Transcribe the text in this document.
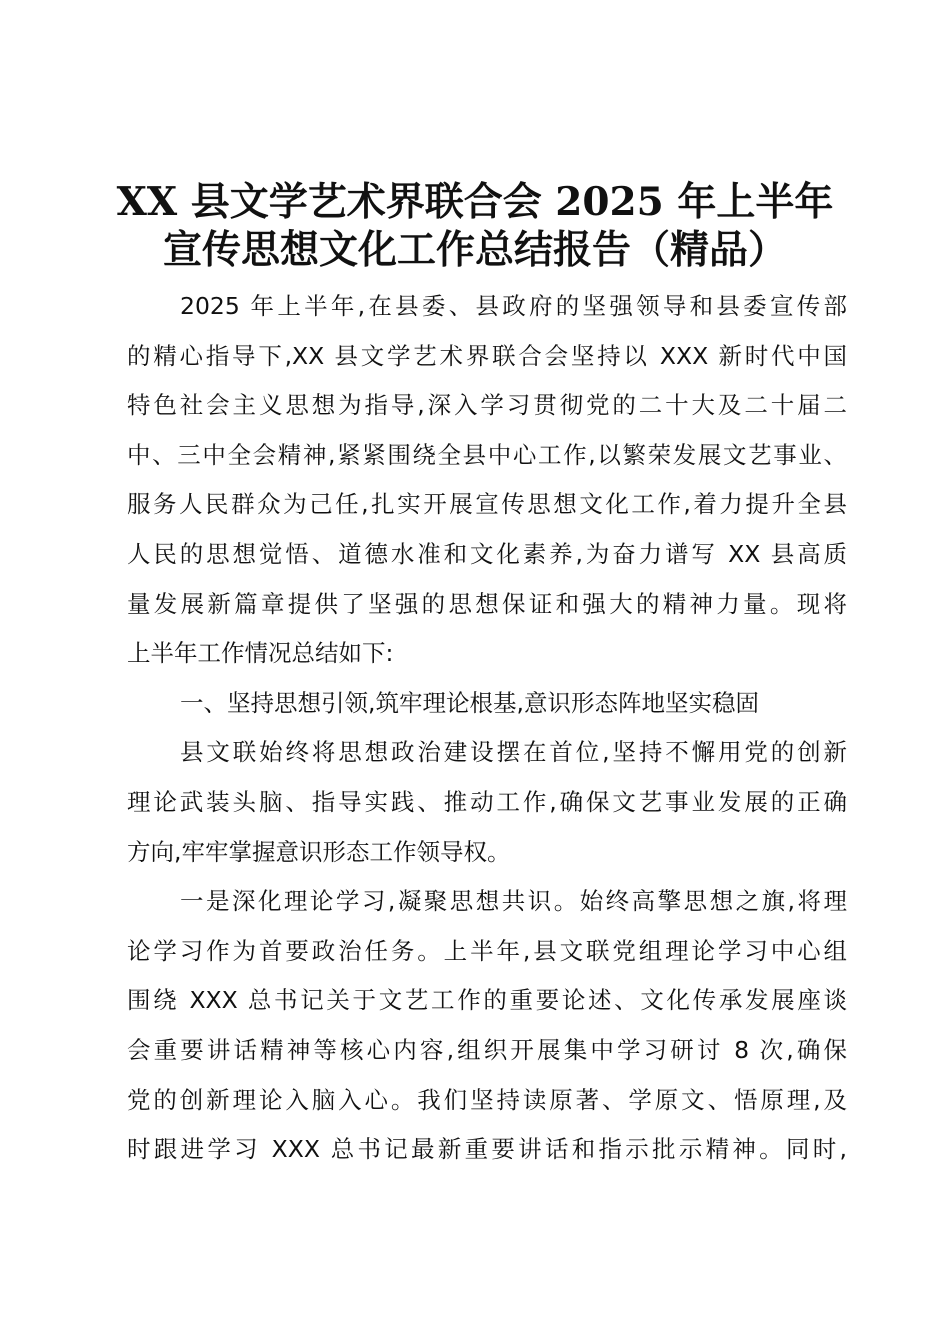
XX 县文学艺术界联合会 2025 年上半年
宣传思想文化工作总结报告（精品）
2025 年上半年,在县委、县政府的坚强领导和县委宣传部
的精心指导下,XX 县文学艺术界联合会坚持以 XXX 新时代中国
特色社会主义思想为指导,深入学习贯彻党的二十大及二十届二
中、三中全会精神,紧紧围绕全县中心工作,以繁荣发展文艺事业、
服务人民群众为己任,扎实开展宣传思想文化工作,着力提升全县
人民的思想觉悟、道德水准和文化素养,为奋力谱写 XX 县高质
量发展新篇章提供了坚强的思想保证和强大的精神力量。现将
上半年工作情况总结如下:
一、坚持思想引领,筑牢理论根基,意识形态阵地坚实稳固
县文联始终将思想政治建设摆在首位,坚持不懈用党的创新
理论武装头脑、指导实践、推动工作,确保文艺事业发展的正确
方向,牢牢掌握意识形态工作领导权。
一是深化理论学习,凝聚思想共识。始终高擎思想之旗,将理
论学习作为首要政治任务。上半年,县文联党组理论学习中心组
围绕 XXX 总书记关于文艺工作的重要论述、文化传承发展座谈
会重要讲话精神等核心内容,组织开展集中学习研讨 8 次,确保
党的创新理论入脑入心。我们坚持读原著、学原文、悟原理,及
时跟进学习 XXX 总书记最新重要讲话和指示批示精神。同时,
